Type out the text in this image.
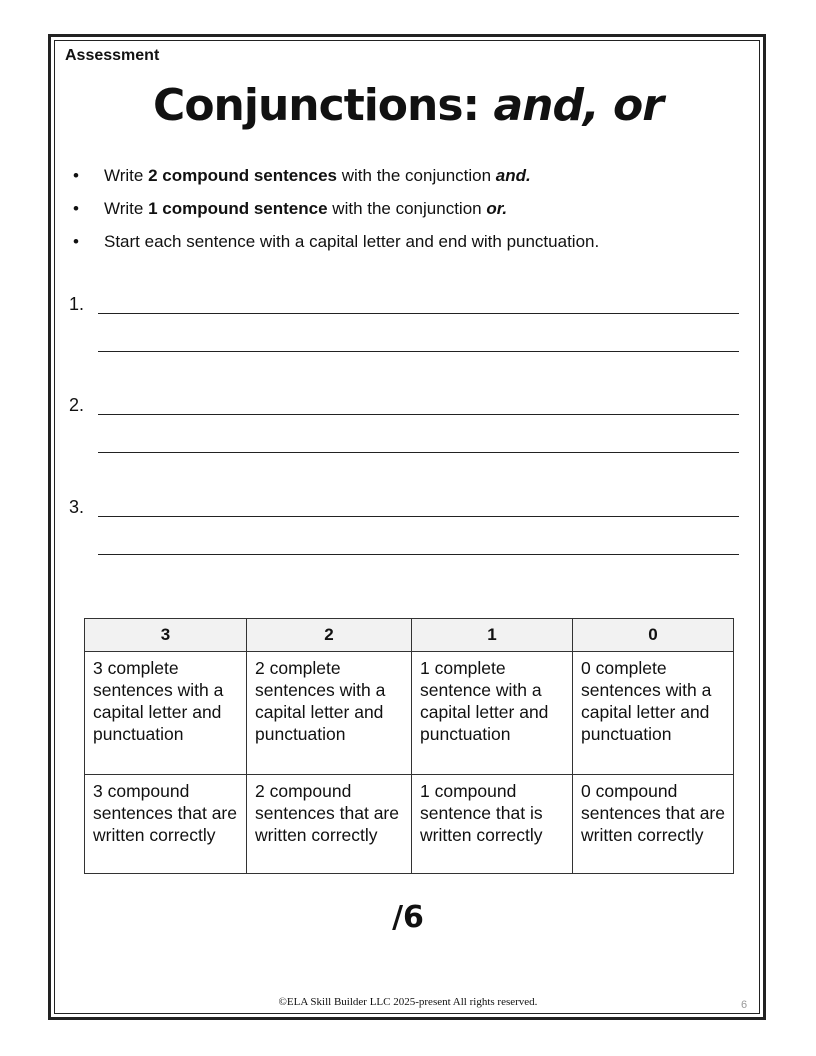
Assessment
Conjunctions: and, or
• Write 2 compound sentences with the conjunction and.
• Write 1 compound sentence with the conjunction or.
• Start each sentence with a capital letter and end with punctuation.
1.
2.
3.
3	2	1	0
3 complete sentences with a capital letter and punctuation	2 complete sentences with a capital letter and punctuation	1 complete sentence with a capital letter and punctuation	0 complete sentences with a capital letter and punctuation
3 compound sentences that are written correctly	2 compound sentences that are written correctly	1 compound sentence that is written correctly	0 compound sentences that are written correctly
/6
©ELA Skill Builder LLC 2025-present All rights reserved.	6
